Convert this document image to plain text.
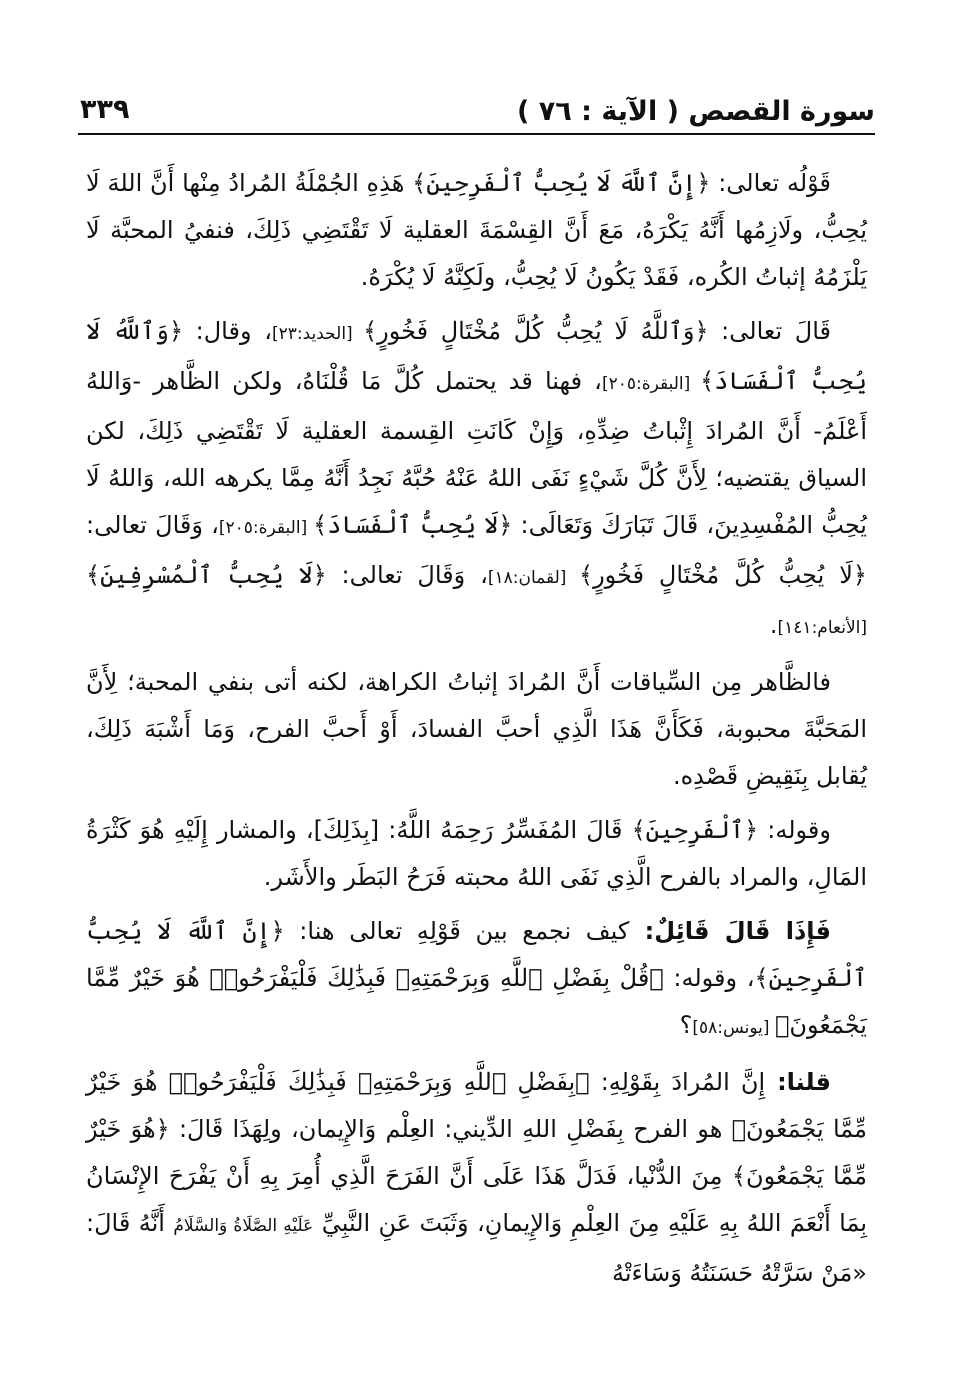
سورة القصص ( الآية : ٧٦ )
٣٣٩

قَوْلُه تعالى: ﴿إِنَّ ٱللَّهَ لَا يُحِبُّ ٱلْفَرِحِينَ﴾ هَذِهِ الجُمْلَةُ المُرادُ مِنْها أَنَّ اللهَ لَا يُحِبُّ، ولَازِمُها أَنَّهُ يَكْرَهُ، مَعَ أَنَّ القِسْمَةَ العقلية لَا تَقْتَضِي ذَلِكَ، فنفيُ المحبَّة لَا يَلْزَمُهُ إثباتُ الكُره، فَقَدْ يَكُونُ لَا يُحِبُّ، ولَكِنَّهُ لَا يُكْرَهُ.

قَالَ تعالى: ﴿وَٱللَّهُ لَا يُحِبُّ كُلَّ مُخْتَالٍ فَخُورٍ﴾ [الحديد:٢٣]، وقال: ﴿وَٱللَّهُ لَا يُحِبُّ ٱلْفَسَادَ﴾ [البقرة:٢٠٥]، فهنا قد يحتمل كُلَّ مَا قُلْنَاهُ، ولكن الظَّاهر -وَاللهُ أَعْلَمُ- أَنَّ المُرادَ إِثْباتُ ضِدِّهِ، وَإِنْ كَانَتِ القِسمة العقلية لَا تَقْتَضِي ذَلِكَ، لكن السياق يقتضيه؛ لِأَنَّ كُلَّ شَيْءٍ نَفَى اللهُ عَنْهُ حُبَّهُ نَجِدُ أَنَّهُ مِمَّا يكرهه الله، وَاللهُ لَا يُحِبُّ المُفْسِدِينَ، قَالَ تَبَارَكَ وَتَعَالَى: ﴿لَا يُحِبُّ ٱلْفَسَادَ﴾ [البقرة:٢٠٥]، وَقَالَ تعالى: ﴿لَا يُحِبُّ كُلَّ مُخْتَالٍ فَخُورٍ﴾ [لقمان:١٨]، وَقَالَ تعالى: ﴿لَا يُحِبُّ ٱلْمُسْرِفِينَ﴾ [الأنعام:١٤١].

فالظَّاهر مِن السِّياقات أَنَّ المُرادَ إثباتُ الكراهة، لكنه أتى بنفي المحبة؛ لِأَنَّ المَحَبَّةَ محبوبة، فَكَأَنَّ هَذَا الَّذِي أحبَّ الفسادَ، أَوْ أَحبَّ الفرح، وَمَا أَشْبَهَ ذَلِكَ، يُقابل بِنَقِيضِ قَصْدِه.

وقوله: ﴿ٱلْفَرِحِينَ﴾ قَالَ المُفَسِّرُ رَحِمَهُ اللَّهُ: [بِذَلِكَ]، والمشار إِلَيْهِ هُوَ كَثْرَةُ المَالِ، والمراد بالفرح الَّذِي نَفَى اللهُ محبته فَرَحُ البَطَر والأَشَر.

فَإِذَا قَالَ قَائِلٌ: كيف نجمع بين قَوْلِهِ تعالى هنا: ﴿إِنَّ ٱللَّهَ لَا يُحِبُّ ٱلْفَرِحِينَ﴾، وقوله: ﴿قُلْ بِفَضْلِ ٱللَّهِ وَبِرَحْمَتِهِۦ فَبِذَٰلِكَ فَلْيَفْرَحُوا۟ هُوَ خَيْرٌ مِّمَّا يَجْمَعُونَ﴾ [يونس:٥٨]؟

قلنا: إِنَّ المُرادَ بِقَوْلِهِ: ﴿بِفَضْلِ ٱللَّهِ وَبِرَحْمَتِهِۦ فَبِذَٰلِكَ فَلْيَفْرَحُوا۟ هُوَ خَيْرٌ مِّمَّا يَجْمَعُونَ﴾ هو الفرح بِفَضْلِ اللهِ الدِّيني: العِلْم وَالإِيمان، ولِهَذَا قَالَ: ﴿هُوَ خَيْرٌ مِّمَّا يَجْمَعُونَ﴾ مِنَ الدُّنْيا، فَدَلَّ هَذَا عَلَى أَنَّ الفَرَحَ الَّذِي أُمِرَ بِهِ أَنْ يَفْرَحَ الإِنْسَانُ بِمَا أَنْعَمَ اللهُ بِهِ عَلَيْهِ مِنَ العِلْمِ وَالإِيمانِ، وَثَبَتَ عَنِ النَّبِيِّ عَلَيْهِ الصَّلَاةُ وَالسَّلَامُ أَنَّهُ قَالَ: «مَنْ سَرَّتْهُ حَسَنَتُهُ وَسَاءَتْهُ
